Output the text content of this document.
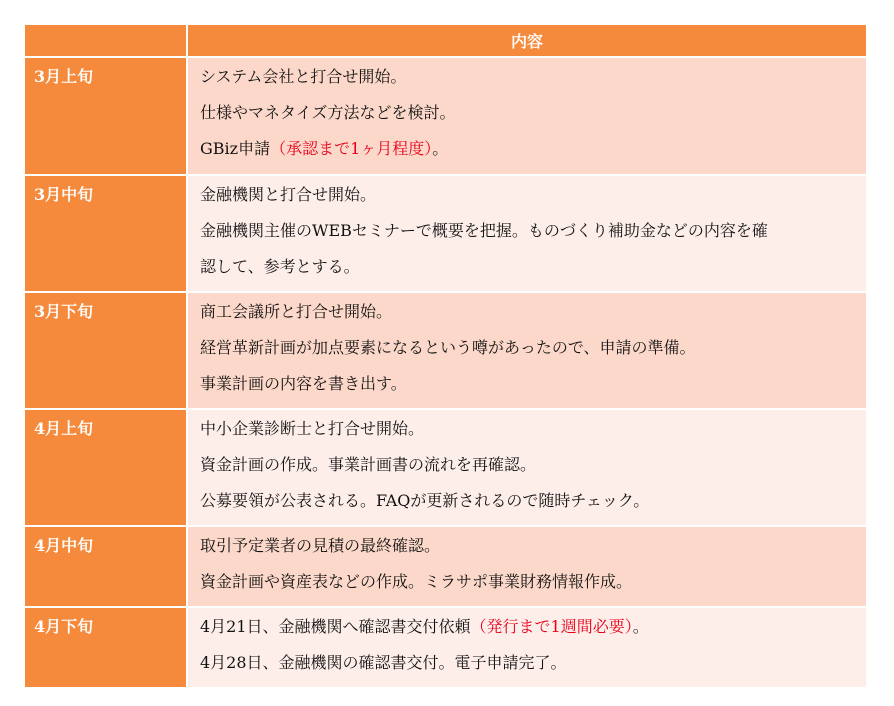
	内容
3月上旬	システム会社と打合せ開始。
仕様やマネタイズ方法などを検討。
GBiz申請（承認まで1ヶ月程度）。

3月中旬	金融機関と打合せ開始。
金融機関主催のWEBセミナーで概要を把握。ものづくり補助金などの内容を確
認して、参考とする。

3月下旬	商工会議所と打合せ開始。
経営革新計画が加点要素になるという噂があったので、申請の準備。
事業計画の内容を書き出す。

4月上旬	中小企業診断士と打合せ開始。
資金計画の作成。事業計画書の流れを再確認。
公募要領が公表される。FAQが更新されるので随時チェック。

4月中旬	取引予定業者の見積の最終確認。
資金計画や資産表などの作成。ミラサポ事業財務情報作成。

4月下旬	4月21日、金融機関へ確認書交付依頼（発行まで1週間必要）。
4月28日、金融機関の確認書交付。電子申請完了。
